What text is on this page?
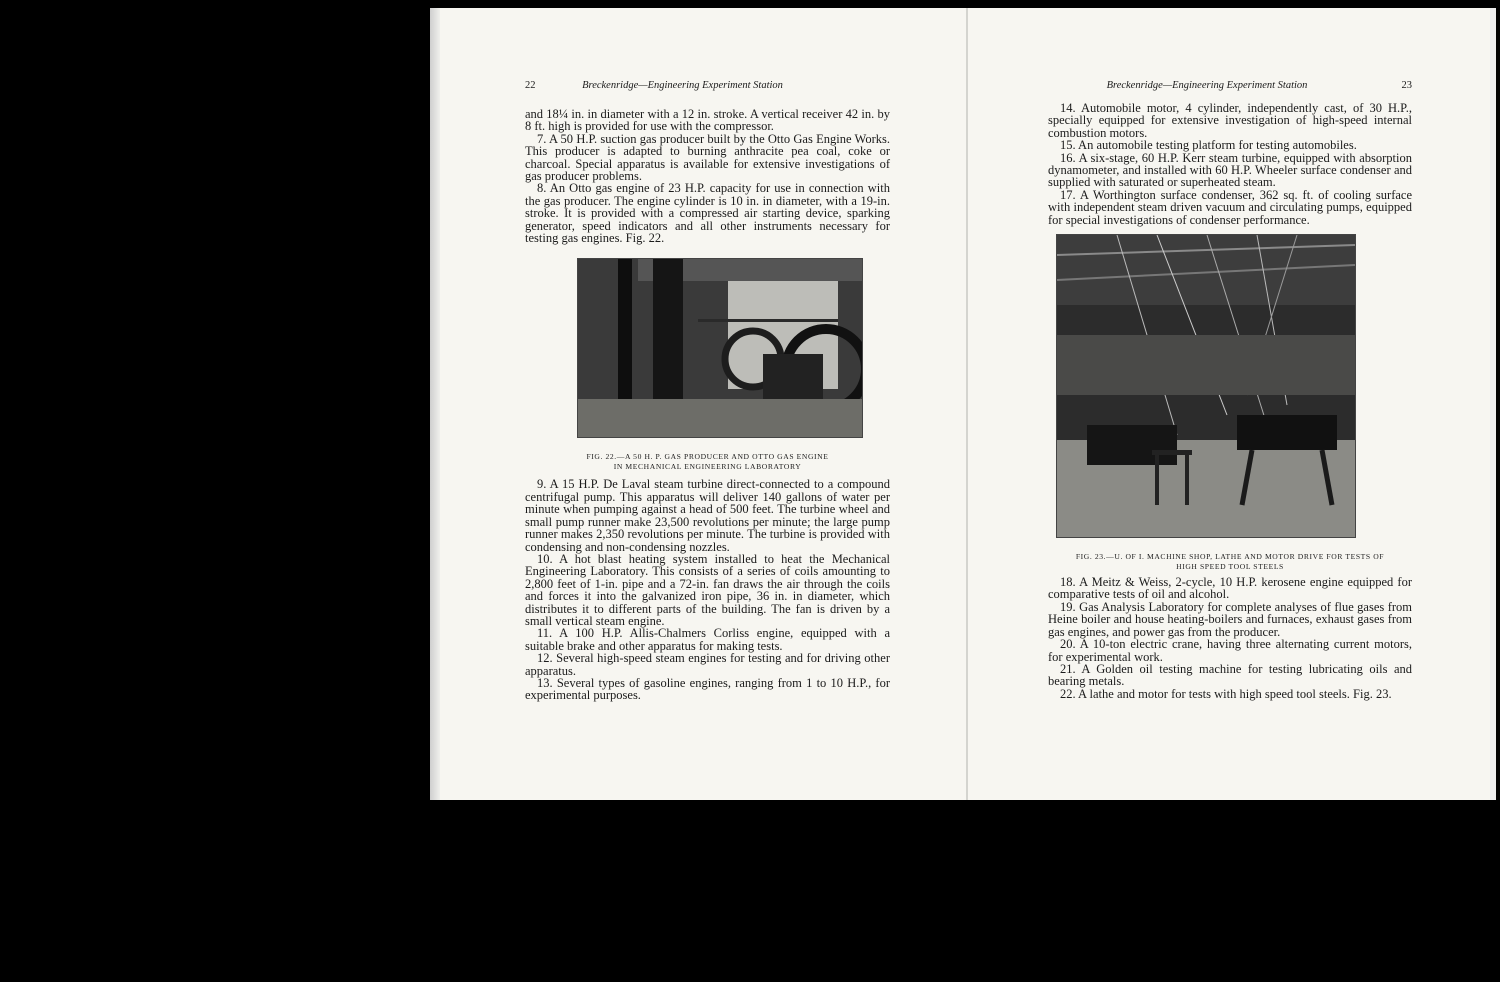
22	Breckenridge—Engineering Experiment Station

and 18¼ in. in diameter with a 12 in. stroke. A vertical receiver 42 in. by 8 ft. high is provided for use with the compressor.

7. A 50 H.P. suction gas producer built by the Otto Gas Engine Works. This producer is adapted to burning anthracite pea coal, coke or charcoal. Special apparatus is available for extensive investigations of gas producer problems.

8. An Otto gas engine of 23 H.P. capacity for use in connection with the gas producer. The engine cylinder is 10 in. in diameter, with a 19-in. stroke. It is provided with a compressed air starting device, sparking generator, speed indicators and all other instruments necessary for testing gas engines. Fig. 22.

FIG. 22.—A 50 H. P. GAS PRODUCER AND OTTO GAS ENGINE
IN MECHANICAL ENGINEERING LABORATORY

9. A 15 H.P. De Laval steam turbine direct-connected to a compound centrifugal pump. This apparatus will deliver 140 gallons of water per minute when pumping against a head of 500 feet. The turbine wheel and small pump runner make 23,500 revolutions per minute; the large pump runner makes 2,350 revolutions per minute. The turbine is provided with condensing and non-condensing nozzles.

10. A hot blast heating system installed to heat the Mechanical Engineering Laboratory. This consists of a series of coils amounting to 2,800 feet of 1-in. pipe and a 72-in. fan draws the air through the coils and forces it into the galvanized iron pipe, 36 in. in diameter, which distributes it to different parts of the building. The fan is driven by a small vertical steam engine.

11. A 100 H.P. Allis-Chalmers Corliss engine, equipped with a suitable brake and other apparatus for making tests.

12. Several high-speed steam engines for testing and for driving other apparatus.

13. Several types of gasoline engines, ranging from 1 to 10 H.P., for experimental purposes.

Breckenridge—Engineering Experiment Station	23

14. Automobile motor, 4 cylinder, independently cast, of 30 H.P., specially equipped for extensive investigation of high-speed internal combustion motors.

15. An automobile testing platform for testing automobiles.

16. A six-stage, 60 H.P. Kerr steam turbine, equipped with absorption dynamometer, and installed with 60 H.P. Wheeler surface condenser and supplied with saturated or superheated steam.

17. A Worthington surface condenser, 362 sq. ft. of cooling surface with independent steam driven vacuum and circulating pumps, equipped for special investigations of condenser performance.

FIG. 23.—U. OF I. MACHINE SHOP, LATHE AND MOTOR DRIVE FOR TESTS OF
HIGH SPEED TOOL STEELS

18. A Meitz & Weiss, 2-cycle, 10 H.P. kerosene engine equipped for comparative tests of oil and alcohol.

19. Gas Analysis Laboratory for complete analyses of flue gases from Heine boiler and house heating-boilers and furnaces, exhaust gases from gas engines, and power gas from the producer.

20. A 10-ton electric crane, having three alternating current motors, for experimental work.

21. A Golden oil testing machine for testing lubricating oils and bearing metals.

22. A lathe and motor for tests with high speed tool steels. Fig. 23.
